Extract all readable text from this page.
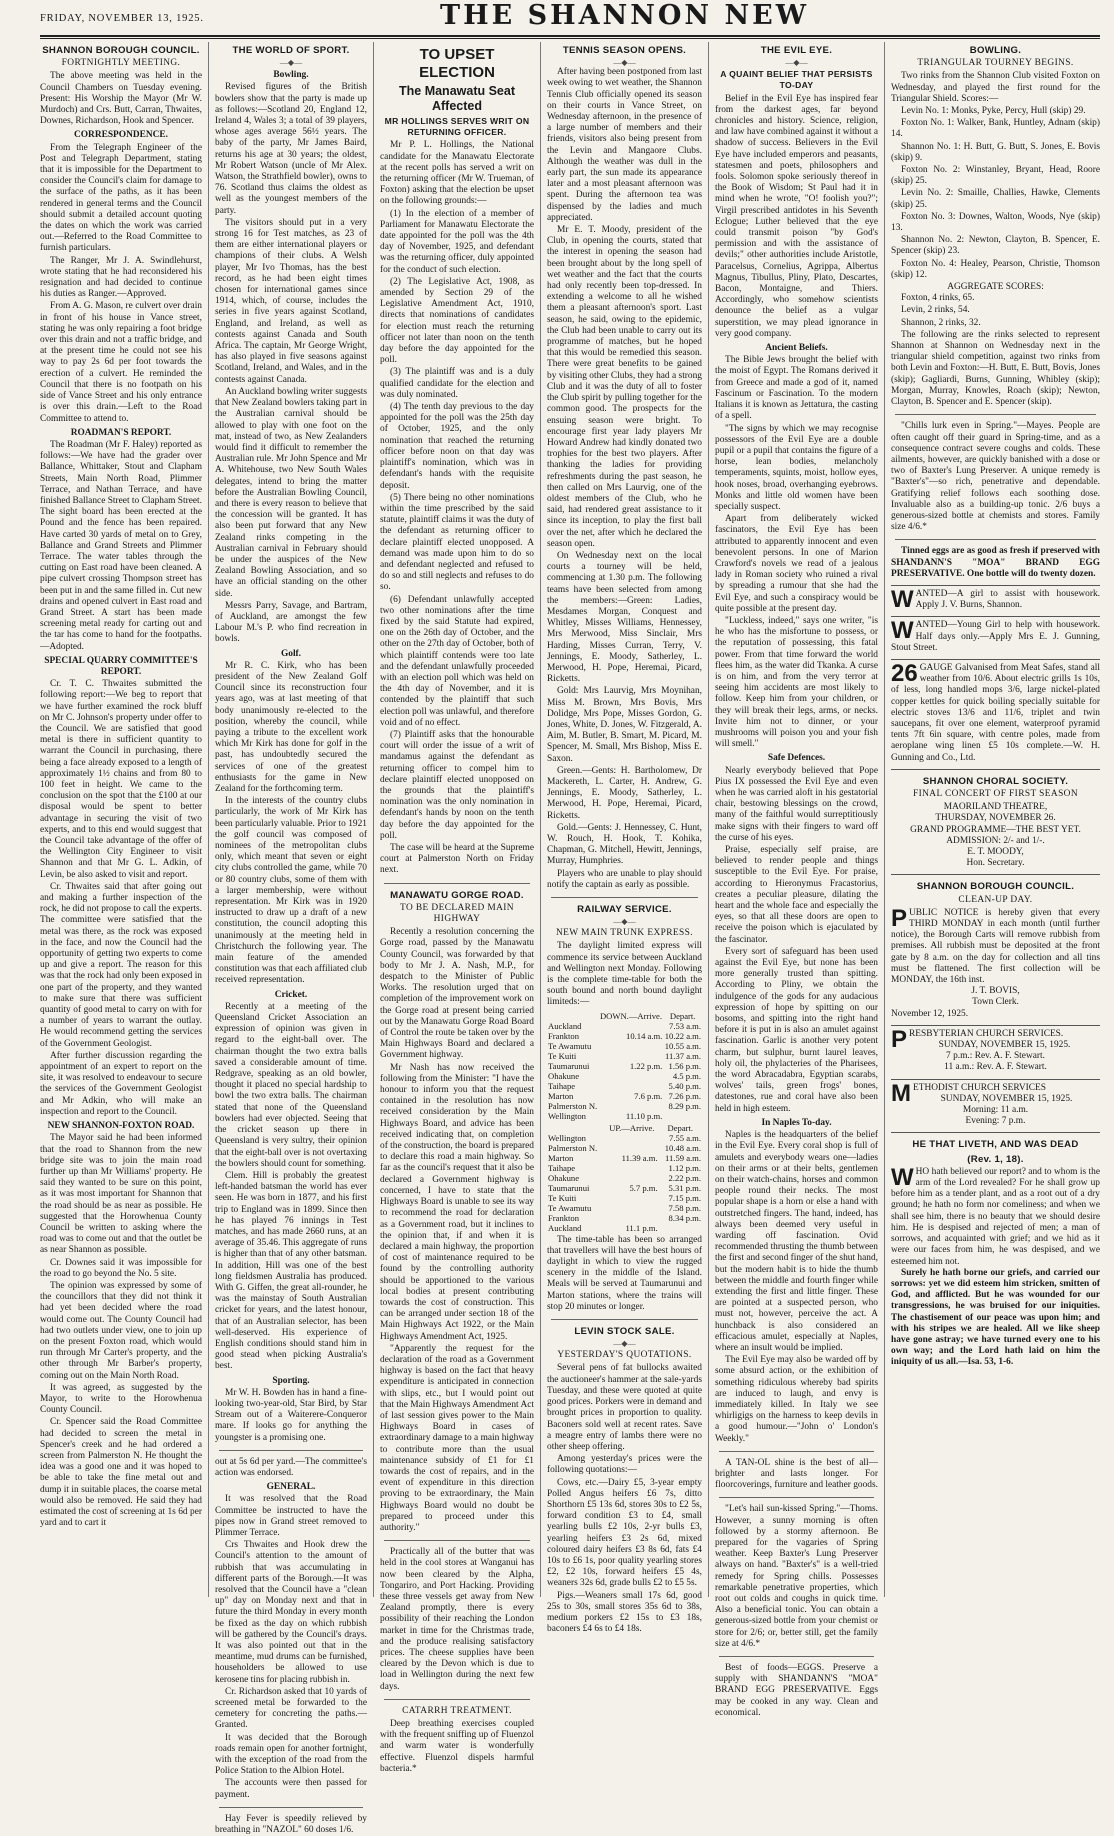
FRIDAY, NOVEMBER 13, 1925.	THE SHANNON NEW
SHANNON BOROUGH COUNCIL.
FORTNIGHTLY MEETING.
The above meeting was held in the Council Chambers on Tuesday evening. Present: His Worship the Mayor (Mr W. Murdoch) and Crs. Butt, Carran, Thwaites, Downes, Richardson, Hook and Spencer.
CORRESPONDENCE.
From the Telegraph Engineer of the Post and Telegraph Department, stating that it is impossible for the Department to consider the Council's claim for damage to the surface of the paths, as it has been rendered in general terms and the Council should submit a detailed account quoting the dates on which the work was carried out.—Referred to the Road Committee to furnish particulars.
The Ranger, Mr J. A. Swindlehurst, wrote stating that he had reconsidered his resignation and had decided to continue his duties as Ranger.—Approved.
From A. G. Mason, re culvert over drain in front of his house in Vance street, stating he was only repairing a foot bridge over this drain and not a traffic bridge, and at the present time he could not see his way to pay 2s 6d per foot towards the erection of a culvert. He reminded the Council that there is no footpath on his side of Vance Street and his only entrance is over this drain.—Left to the Road Committee to attend to.
ROADMAN'S REPORT.
The Roadman (Mr F. Haley) reported as follows:—We have had the grader over Ballance, Whittaker, Stout and Clapham Streets, Main North Road, Plimmer Terrace, and Nathan Terrace, and have finished Ballance Street to Clapham Street. The sight board has been erected at the Pound and the fence has been repaired. Have carted 30 yards of metal on to Grey, Ballance and Grand Streets and Plimmer Terrace. The water tables through the cutting on East road have been cleaned. A pipe culvert crossing Thompson street has been put in and the same filled in. Cut new drains and opened culvert in East road and Grand Street. A start has been made screening metal ready for carting out and the tar has come to hand for the footpaths.—Adopted.
SPECIAL QUARRY COMMITTEE'S REPORT.
Cr. T. C. Thwaites submitted the following report:—We beg to report that we have further examined the rock bluff on Mr C. Johnson's property under offer to the Council. We are satisfied that good metal is there in sufficient quantity to warrant the Council in purchasing, there being a face already exposed to a length of approximately 1½ chains and from 80 to 100 feet in height. We came to the conclusion on the spot that the £100 at our disposal would be spent to better advantage in securing the visit of two experts, and to this end would suggest that the Council take advantage of the offer of the Wellington City Engineer to visit Shannon and that Mr G. L. Adkin, of Levin, be also asked to visit and report.
Cr. Thwaites said that after going out and making a further inspection of the rock, he did not propose to call the experts. The committee were satisfied that the metal was there, as the rock was exposed in the face, and now the Council had the opportunity of getting two experts to come up and give a report. The reason for this was that the rock had only been exposed in one part of the property, and they wanted to make sure that there was sufficient quantity of good metal to carry on with for a number of years to warrant the outlay. He would recommend getting the services of the Government Geologist.
After further discussion regarding the appointment of an expert to report on the site, it was resolved to endeavour to secure the services of the Government Geologist and Mr Adkin, who will make an inspection and report to the Council.
NEW SHANNON-FOXTON ROAD.
The Mayor said he had been informed that the road to Shannon from the new bridge site was to join the main road further up than Mr Williams' property. He said they wanted to be sure on this point, as it was most important for Shannon that the road should be as near as possible. He suggested that the Horowhenua County Council be written to asking where the road was to come out and that the outlet be as near Shannon as possible.
Cr. Downes said it was impossible for the road to go beyond the No. 5 site.
The opinion was expressed by some of the councillors that they did not think it had yet been decided where the road would come out. The County Council had had two outlets under view, one to join up on the present Foxton road, which would run through Mr Carter's property, and the other through Mr Barber's property, coming out on the Main North Road.
It was agreed, as suggested by the Mayor, to write to the Horowhenua County Council.
Cr. Spencer said the Road Committee had decided to screen the metal in Spencer's creek and he had ordered a screen from Palmerston N. He thought the idea was a good one and it was hoped to be able to take the fine metal out and dump it in suitable places, the coarse metal would also be removed. He said they had estimated the cost of screening at 1s 6d per yard and to cart it
THE WORLD OF SPORT.
—◆—
Bowling.
Revised figures of the British bowlers show that the party is made up as follows:—Scotland 20, England 12, Ireland 4, Wales 3; a total of 39 players, whose ages average 56½ years. The baby of the party, Mr James Baird, returns his age at 30 years; the oldest, Mr Robert Watson (uncle of Mr Alex. Watson, the Strathfield bowler), owns to 76. Scotland thus claims the oldest as well as the youngest members of the party.
The visitors should put in a very strong 16 for Test matches, as 23 of them are either international players or champions of their clubs. A Welsh player, Mr Ivo Thomas, has the best record, as he had been eight times chosen for international games since 1914, which, of course, includes the series in five years against Scotland, England, and Ireland, as well as contests against Canada and South Africa. The captain, Mr George Wright, has also played in five seasons against Scotland, Ireland, and Wales, and in the contests against Canada.
An Auckland bowling writer suggests that New Zealand bowlers taking part in the Australian carnival should be allowed to play with one foot on the mat, instead of two, as New Zealanders would find it difficult to remember the Australian rule. Mr John Spence and Mr A. Whitehouse, two New South Wales delegates, intend to bring the matter before the Australian Bowling Council, and there is every reason to believe that the concession will be granted. It has also been put forward that any New Zealand rinks competing in the Australian carnival in February should be under the auspices of the New Zealand Bowling Association, and so have an official standing on the other side.
Messrs Parry, Savage, and Bartram, of Auckland, are amongst the few Labour M.'s P. who find recreation in bowls.
Golf.
Mr R. C. Kirk, who has been president of the New Zealand Golf Council since its reconstruction four years ago, was at last meeting of that body unanimously re-elected to the position, whereby the council, while paying a tribute to the excellent work which Mr Kirk has done for golf in the past, has undoubtedly secured the services of one of the greatest enthusiasts for the game in New Zealand for the forthcoming term.
In the interests of the country clubs particularly, the work of Mr Kirk has been particularly valuable. Prior to 1921 the golf council was composed of nominees of the metropolitan clubs only, which meant that seven or eight city clubs controlled the game, while 70 or 80 country clubs, some of them with a larger membership, were without representation. Mr Kirk was in 1920 instructed to draw up a draft of a new constitution, the council adopting this unanimously at the meeting held in Christchurch the following year. The main feature of the amended constitution was that each affiliated club received representation.
Cricket.
Recently at a meeting of the Queensland Cricket Association an expression of opinion was given in regard to the eight-ball over. The chairman thought the two extra balls saved a considerable amount of time. Redgrave, speaking as an old bowler, thought it placed no special hardship to bowl the two extra balls. The chairman stated that none of the Queensland bowlers had ever objected. Seeing that the cricket season up there in Queensland is very sultry, their opinion that the eight-ball over is not overtaxing the bowlers should count for something.
Clem. Hill is probably the greatest left-handed batsman the world has ever seen. He was born in 1877, and his first trip to England was in 1899. Since then he has played 76 innings in Test matches, and has made 2660 runs, at an average of 35.46. This aggregate of runs is higher than that of any other batsman. In addition, Hill was one of the best long fieldsmen Australia has produced. With G. Giffen, the great all-rounder, he was the mainstay of South Australian cricket for years, and the latest honour, that of an Australian selector, has been well-deserved. His experience of English conditions should stand him in good stead when picking Australia's best.
Sporting.
Mr W. H. Bowden has in hand a fine-looking two-year-old, Star Bird, by Star Stream out of a Waiterere-Conqueror mare. If looks go for anything the youngster is a promising one.
out at 5s 6d per yard.—The committee's action was endorsed.
GENERAL.
It was resolved that the Road Committee be instructed to have the pipes now in Grand street removed to Plimmer Terrace.
Crs Thwaites and Hook drew the Council's attention to the amount of rubbish that was accumulating in different parts of the Borough.—It was resolved that the Council have a "clean up" day on Monday next and that in future the third Monday in every month be fixed as the day on which rubbish will be gathered by the Council's drays. It was also pointed out that in the meantime, mud drums can be furnished, householders be allowed to use kerosene tins for placing rubbish in.
Cr. Richardson asked that 10 yards of screened metal be forwarded to the cemetery for concreting the paths.—Granted.
It was decided that the Borough roads remain open for another fortnight, with the exception of the road from the Police Station to the Albion Hotel.
The accounts were then passed for payment.
Hay Fever is speedily relieved by breathing in "NAZOL" 60 doses 1/6.
TO UPSET ELECTION
The Manawatu Seat Affected
MR HOLLINGS SERVES WRIT ON RETURNING OFFICER.
Mr P. L. Hollings, the National candidate for the Manawatu Electorate at the recent polls has served a writ on the returning officer (Mr W. Trueman, of Foxton) asking that the election be upset on the following grounds:—
(1) In the election of a member of Parliament for Manawatu Electorate the date appointed for the poll was the 4th day of November, 1925, and defendant was the returning officer, duly appointed for the conduct of such election.
(2) The Legislative Act, 1908, as amended by Section 29 of the Legislative Amendment Act, 1910, directs that nominations of candidates for election must reach the returning officer not later than noon on the tenth day before the day appointed for the poll.
(3) The plaintiff was and is a duly qualified candidate for the election and was duly nominated.
(4) The tenth day previous to the day appointed for the poll was the 25th day of October, 1925, and the only nomination that reached the returning officer before noon on that day was plaintiff's nomination, which was in defendant's hands with the requisite deposit.
(5) There being no other nominations within the time prescribed by the said statute, plaintiff claims it was the duty of the defendant as returning officer to declare plaintiff elected unopposed. A demand was made upon him to do so and defendant neglected and refused to do so and still neglects and refuses to do so.
(6) Defendant unlawfully accepted two other nominations after the time fixed by the said Statute had expired, one on the 26th day of October, and the other on the 27th day of October, both of which plaintiff contends were too late and the defendant unlawfully proceeded with an election poll which was held on the 4th day of November, and it is contended by the plaintiff that such election poll was unlawful, and therefore void and of no effect.
(7) Plaintiff asks that the honourable court will order the issue of a writ of mandamus against the defendant as returning officer to compel him to declare plaintiff elected unopposed on the grounds that the plaintiff's nomination was the only nomination in defendant's hands by noon on the tenth day before the day appointed for the poll.
The case will be heard at the Supreme court at Palmerston North on Friday next.
MANAWATU GORGE ROAD.
TO BE DECLARED MAIN HIGHWAY
Recently a resolution concerning the Gorge road, passed by the Manawatu County Council, was forwarded by that body to Mr J. A. Nash, M.P., for despatch to the Minister of Public Works. The resolution urged that on completion of the improvement work on the Gorge road at present being carried out by the Manawatu Gorge Road Board of Control the route be taken over by the Main Highways Board and declared a Government highway.
Mr Nash has now received the following from the Minister: "I have the honour to inform you that the request contained in the resolution has now received consideration by the Main Highways Board, and advice has been received indicating that, on completion of the construction, the board is prepared to declare this road a main highway. So far as the council's request that it also be declared a Government highway is concerned, I have to state that the Highways Board is unable to see its way to recommend the road for declaration as a Government road, but it inclines to the opinion that, if and when it is declared a main highway, the proportion of cost of maintenance required to be found by the controlling authority should be apportioned to the various local bodies at present contributing towards the cost of construction. This can be arranged under section 18 of the Main Highways Act 1922, or the Main Highways Amendment Act, 1925.
"Apparently the request for the declaration of the road as a Government highway is based on the fact that heavy expenditure is anticipated in connection with slips, etc., but I would point out that the Main Highways Amendment Act of last session gives power to the Main Highways Board in cases of extraordinary damage to a main highway to contribute more than the usual maintenance subsidy of £1 for £1 towards the cost of repairs, and in the event of expenditure in this direction proving to be extraordinary, the Main Highways Board would no doubt be prepared to proceed under this authority."
Practically all of the butter that was held in the cool stores at Wanganui has now been cleared by the Alpha, Tongariro, and Port Hacking. Providing these three vessels get away from New Zealand promptly, there is every possibility of their reaching the London market in time for the Christmas trade, and the produce realising satisfactory prices. The cheese supplies have been cleared by the Devon which is due to load in Wellington during the next few days.
CATARRH TREATMENT.
Deep breathing exercises coupled with the frequent sniffing up of Fluenzol and warm water is wonderfully effective. Fluenzol dispels harmful bacteria.*
TENNIS SEASON OPENS.
—◆—
After having been postponed from last week owing to wet weather, the Shannon Tennis Club officially opened its season on their courts in Vance Street, on Wednesday afternoon, in the presence of a large number of members and their friends, visitors also being present from the Levin and Mangaore Clubs. Although the weather was dull in the early part, the sun made its appearance later and a most pleasant afternoon was spent. During the afternoon tea was dispensed by the ladies and much appreciated.
Mr E. T. Moody, president of the Club, in opening the courts, stated that the interest in opening the season had been brought about by the long spell of wet weather and the fact that the courts had only recently been top-dressed. In extending a welcome to all he wished them a pleasant afternoon's sport. Last season, he said, owing to the epidemic, the Club had been unable to carry out its programme of matches, but he hoped that this would be remedied this season. There were great benefits to be gained by visiting other Clubs, they had a strong Club and it was the duty of all to foster the Club spirit by pulling together for the common good. The prospects for the ensuing season were bright. To encourage first year lady players Mr Howard Andrew had kindly donated two trophies for the best two players. After thanking the ladies for providing refreshments during the past season, he then called on Mrs Laurvig, one of the oldest members of the Club, who he said, had rendered great assistance to it since its inception, to play the first ball over the net, after which he declared the season open.
On Wednesday next on the local courts a tourney will be held, commencing at 1.30 p.m. The following teams have been selected from among the members:—Green: Ladies, Mesdames Morgan, Conquest and Whitley, Misses Williams, Hennessey, Mrs Merwood, Miss Sinclair, Mrs Harding, Misses Curran, Terry, V. Jennings, E. Moody, Satherley, L. Merwood, H. Pope, Heremai, Picard, Ricketts.
Gold: Mrs Laurvig, Mrs Moynihan, Miss M. Brown, Mrs Bovis, Mrs Dolidge, Mrs Pope, Misses Gordon, G. Jones, White, D. Jones, W. Fitzgerald, A. Aim, M. Butler, B. Smart, M. Picard, M. Spencer, M. Small, Mrs Bishop, Miss E. Saxon.
Green.—Gents: H. Bartholomew, Dr Mackereth, L. Carter, H. Andrew, G. Jennings, E. Moody, Satherley, L. Merwood, H. Pope, Heremai, Picard, Ricketts.
Gold.—Gents: J. Hennessey, C. Hunt, W. Rouch, H. Hook, T. Kohika, Chapman, G. Mitchell, Hewitt, Jennings, Murray, Humphries.
Players who are unable to play should notify the captain as early as possible.
RAILWAY SERVICE.
—◆—
NEW MAIN TRUNK EXPRESS.
The daylight limited express will commence its service between Auckland and Wellington next Monday. Following is the complete time-table for both the south bound and north bound daylight limiteds:—
	DOWN.—Arrive.	Depart.
Auckland		7.53 a.m.
Frankton	10.14 a.m.	10.22 a.m.
Te Awamutu		10.55 a.m.
Te Kuiti		11.37 a.m.
Taumarunui	1.22 p.m.	1.56 p.m.
Ohakune		4.5 p.m.
Taihape		5.40 p.m.
Marton	7.6 p.m.	7.26 p.m.
Palmerston N.		8.29 p.m.
Wellington	11.10 p.m.	
	UP.—Arrive.	Depart.
Wellington		7.55 a.m.
Palmerston N.		10.48 a.m.
Marton	11.39 a.m.	11.59 a.m.
Taihape		1.12 p.m.
Ohakune		2.22 p.m.
Taumarunui	5.7 p.m.	5.31 p.m.
Te Kuiti		7.15 p.m.
Te Awamutu		7.58 p.m.
Frankton		8.34 p.m.
Auckland	11.1 p.m.	
The time-table has been so arranged that travellers will have the best hours of daylight in which to view the rugged scenery in the middle of the Island. Meals will be served at Taumarunui and Marton stations, where the trains will stop 20 minutes or longer.
LEVIN STOCK SALE.
—◆—
YESTERDAY'S QUOTATIONS.
Several pens of fat bullocks awaited the auctioneer's hammer at the sale-yards Tuesday, and these were quoted at quite good prices. Porkers were in demand and brought prices in proportion to quality. Baconers sold well at recent rates. Save a meagre entry of lambs there were no other sheep offering.
Among yesterday's prices were the following quotations:—
Cows, etc.—Dairy £5, 3-year empty Polled Angus heifers £6 7s, ditto Shorthorn £5 13s 6d, stores 30s to £2 5s, forward condition £3 to £4, small yearling bulls £2 10s, 2-yr bulls £3, yearling heifers £3 2s 6d, mixed coloured dairy heifers £3 8s 6d, fats £4 10s to £6 1s, poor quality yearling stores £2, £2 10s, forward heifers £5 4s, weaners 32s 6d, grade bulls £2 to £5 5s.
Pigs.—Weaners small 17s 6d, good 25s to 30s, small stores 35s 6d to 38s, medium porkers £2 15s to £3 18s, baconers £4 6s to £4 18s.
THE EVIL EYE.
—◆—
A QUAINT BELIEF THAT PERSISTS TO-DAY
Belief in the Evil Eye has inspired fear from the darkest ages, far beyond chronicles and history. Science, religion, and law have combined against it without a shadow of success. Believers in the Evil Eye have included emperors and peasants, statesmen and poets, philosophers and fools. Solomon spoke seriously thereof in the Book of Wisdom; St Paul had it in mind when he wrote, "O! foolish you?"; Virgil prescribed antidotes in his Seventh Eclogue; Luther believed that the eye could transmit poison "by God's permission and with the assistance of devils;" other authorities include Aristotle, Paracelsus, Cornelius, Agrippa, Albertus Magnus, Tibullus, Pliny, Plato, Descartes, Bacon, Montaigne, and Thiers. Accordingly, who somehow scientists denounce the belief as a vulgar superstition, we may plead ignorance in very good company.
Ancient Beliefs.
The Bible Jews brought the belief with the moist of Egypt. The Romans derived it from Greece and made a god of it, named Fascinum or Fascination. To the modern Italians it is known as Jettatura, the casting of a spell.
"The signs by which we may recognise possessors of the Evil Eye are a double pupil or a pupil that contains the figure of a horse, lean bodies, melancholy temperaments, squints, moist, hollow eyes, hook noses, broad, overhanging eyebrows. Monks and little old women have been specially suspect.
Apart from deliberately wicked fascinators, the Evil Eye has been attributed to apparently innocent and even benevolent persons. In one of Marion Crawford's novels we read of a jealous lady in Roman society who ruined a rival by spreading a rumour that she had the Evil Eye, and such a conspiracy would be quite possible at the present day.
"Luckless, indeed," says one writer, "is he who has the misfortune to possess, or the reputation of possessing, this fatal power. From that time forward the world flees him, as the water did Tkanka. A curse is on him, and from the very terror at seeing him accidents are most likely to follow. Keep him from your children, or they will break their legs, arms, or necks. Invite him not to dinner, or your mushrooms will poison you and your fish will smell."
Safe Defences.
Nearly everybody believed that Pope Pius IX possessed the Evil Eye and even when he was carried aloft in his gestatorial chair, bestowing blessings on the crowd, many of the faithful would surreptitiously make signs with their fingers to ward off the curse of his eyes.
Praise, especially self praise, are believed to render people and things susceptible to the Evil Eye. For praise, according to Hieronymus Fracastorius, creates a peculiar pleasure, dilating the heart and the whole face and especially the eyes, so that all these doors are open to receive the poison which is ejaculated by the fascinator.
Every sort of safeguard has been used against the Evil Eye, but none has been more generally trusted than spitting. According to Pliny, we obtain the indulgence of the gods for any audacious expression of hope by spitting on our bosoms, and spitting into the right hand before it is put in is also an amulet against fascination. Garlic is another very potent charm, but sulphur, burnt laurel leaves, holy oil, the phylacteries of the Pharisees, the word Abracadabra, Egyptian scarabs, wolves' tails, green frogs' bones, datestones, rue and coral have also been held in high esteem.
In Naples To-day.
Naples is the headquarters of the belief in the Evil Eye. Every coral shop is full of amulets and everybody wears one—ladies on their arms or at their belts, gentlemen on their watch-chains, horses and common people round their necks. The most popular shape is a horn or else a hand with outstretched fingers. The hand, indeed, has always been deemed very useful in warding off fascination. Ovid recommended thrusting the thumb between the first and second finger of the shut hand, but the modern habit is to hide the thumb between the middle and fourth finger while extending the first and little finger. These are pointed at a suspected person, who must not, however, perceive the act. A hunchback is also considered an efficacious amulet, especially at Naples, where an insult would be implied.
The Evil Eye may also be warded off by some absurd action, or the exhibition of something ridiculous whereby bad spirits are induced to laugh, and envy is immediately killed. In Italy we see whirligigs on the harness to keep devils in a good humour.—"John o' London's Weekly."
A TAN-OL shine is the best of all—brighter and lasts longer. For floorcoverings, furniture and leather goods.
"Let's hail sun-kissed Spring."—Thoms. However, a sunny morning is often followed by a stormy afternoon. Be prepared for the vagaries of Spring weather. Keep Baxter's Lung Preserver always on hand. "Baxter's" is a well-tried remedy for Spring chills. Possesses remarkable penetrative properties, which root out colds and coughs in quick time. Also a beneficial tonic. You can obtain a generous-sized bottle from your chemist or store for 2/6; or, better still, get the family size at 4/6.*
Best of foods—EGGS. Preserve a supply with SHANDANN'S "MOA" BRAND EGG PRESERVATIVE. Eggs may be cooked in any way. Clean and economical.
BOWLING.
TRIANGULAR TOURNEY BEGINS.
Two rinks from the Shannon Club visited Foxton on Wednesday, and played the first round for the Triangular Shield. Scores:—
Levin No. 1: Monks, Pyke, Percy, Hull (skip) 29.
Foxton No. 1: Walker, Bank, Huntley, Adnam (skip) 14.
Shannon No. 1: H. Butt, G. Butt, S. Jones, E. Bovis (skip) 9.
Foxton No. 2: Winstanley, Bryant, Head, Roore (skip) 25.
Levin No. 2: Smaille, Challies, Hawke, Clements (skip) 25.
Foxton No. 3: Downes, Walton, Woods, Nye (skip) 13.
Shannon No. 2: Newton, Clayton, B. Spencer, E. Spencer (skip) 23.
Foxton No. 4: Healey, Pearson, Christie, Thomson (skip) 12.
AGGREGATE SCORES:
Foxton, 4 rinks, 65.
Levin, 2 rinks, 54.
Shannon, 2 rinks, 32.
The following are the rinks selected to represent Shannon at Shannon on Wednesday next in the triangular shield competition, against two rinks from both Levin and Foxton:—H. Butt, E. Butt, Bovis, Jones (skip); Gagliardi, Burns, Gunning, Whibley (skip); Morgan, Murray, Knowles, Roach (skip); Newton, Clayton, B. Spencer and E. Spencer (skip).
"Chills lurk even in Spring."—Mayes. People are often caught off their guard in Spring-time, and as a consequence contract severe coughs and colds. These ailments, however, are quickly banished with a dose or two of Baxter's Lung Preserver. A unique remedy is "Baxter's"—so rich, penetrative and dependable. Gratifying relief follows each soothing dose. Invaluable also as a building-up tonic. 2/6 buys a generous-sized bottle at chemists and stores. Family size 4/6.*
Tinned eggs are as good as fresh if preserved with SHANDANN'S "MOA" BRAND EGG PRESERVATIVE. One bottle will do twenty dozen.
WANTED—A girl to assist with housework. Apply J. V. Burns, Shannon.
WANTED—Young Girl to help with housework. Half days only.—Apply Mrs E. J. Gunning, Stout Street.
26 GAUGE Galvanised from Meat Safes, stand all weather from 10/6. About electric grills 1s 10s, of less, long handled mops 3/6, large nickel-plated copper kettles for quick boiling specially suitable for electric stoves 13/6 and 11/6, triplet and twin saucepans, fit over one element, waterproof pyramid tents 7ft 6in square, with centre poles, made from aeroplane wing linen £5 10s complete.—W. H. Gunning and Co., Ltd.
SHANNON CHORAL SOCIETY.
FINAL CONCERT OF FIRST SEASON
MAORILAND THEATRE,
THURSDAY, NOVEMBER 26.
GRAND PROGRAMME—THE BEST YET.
ADMISSION: 2/- and 1/-.
E. T. MOODY,
Hon. Secretary.
SHANNON BOROUGH COUNCIL.
CLEAN-UP DAY.
P UBLIC NOTICE is hereby given that every THIRD MONDAY in each month (until further notice), the Borough Carts will remove rubbish from premises. All rubbish must be deposited at the front gate by 8 a.m. on the day for collection and all tins must be flattened. The first collection will be MONDAY, the 16th inst.
J. T. BOVIS,
Town Clerk.
November 12, 1925.
PRESBYTERIAN CHURCH SERVICES.
SUNDAY, NOVEMBER 15, 1925.
7 p.m.: Rev. A. F. Stewart.
11 a.m.: Rev. A. F. Stewart.
METHODIST CHURCH SERVICES
SUNDAY, NOVEMBER 15, 1925.
Morning: 11 a.m.
Evening: 7 p.m.
HE THAT LIVETH, AND WAS DEAD
(Rev. 1, 18).
W HO hath believed our report? and to whom is the arm of the Lord revealed? For he shall grow up before him as a tender plant, and as a root out of a dry ground; he hath no form nor comeliness; and when we shall see him, there is no beauty that we should desire him. He is despised and rejected of men; a man of sorrows, and acquainted with grief; and we hid as it were our faces from him, he was despised, and we esteemed him not.
Surely he hath borne our griefs, and carried our sorrows: yet we did esteem him stricken, smitten of God, and afflicted. But he was wounded for our transgressions, he was bruised for our iniquities. The chastisement of our peace was upon him; and with his stripes we are healed. All we like sheep have gone astray; we have turned every one to his own way; and the Lord hath laid on him the iniquity of us all.—Isa. 53, 1-6.
